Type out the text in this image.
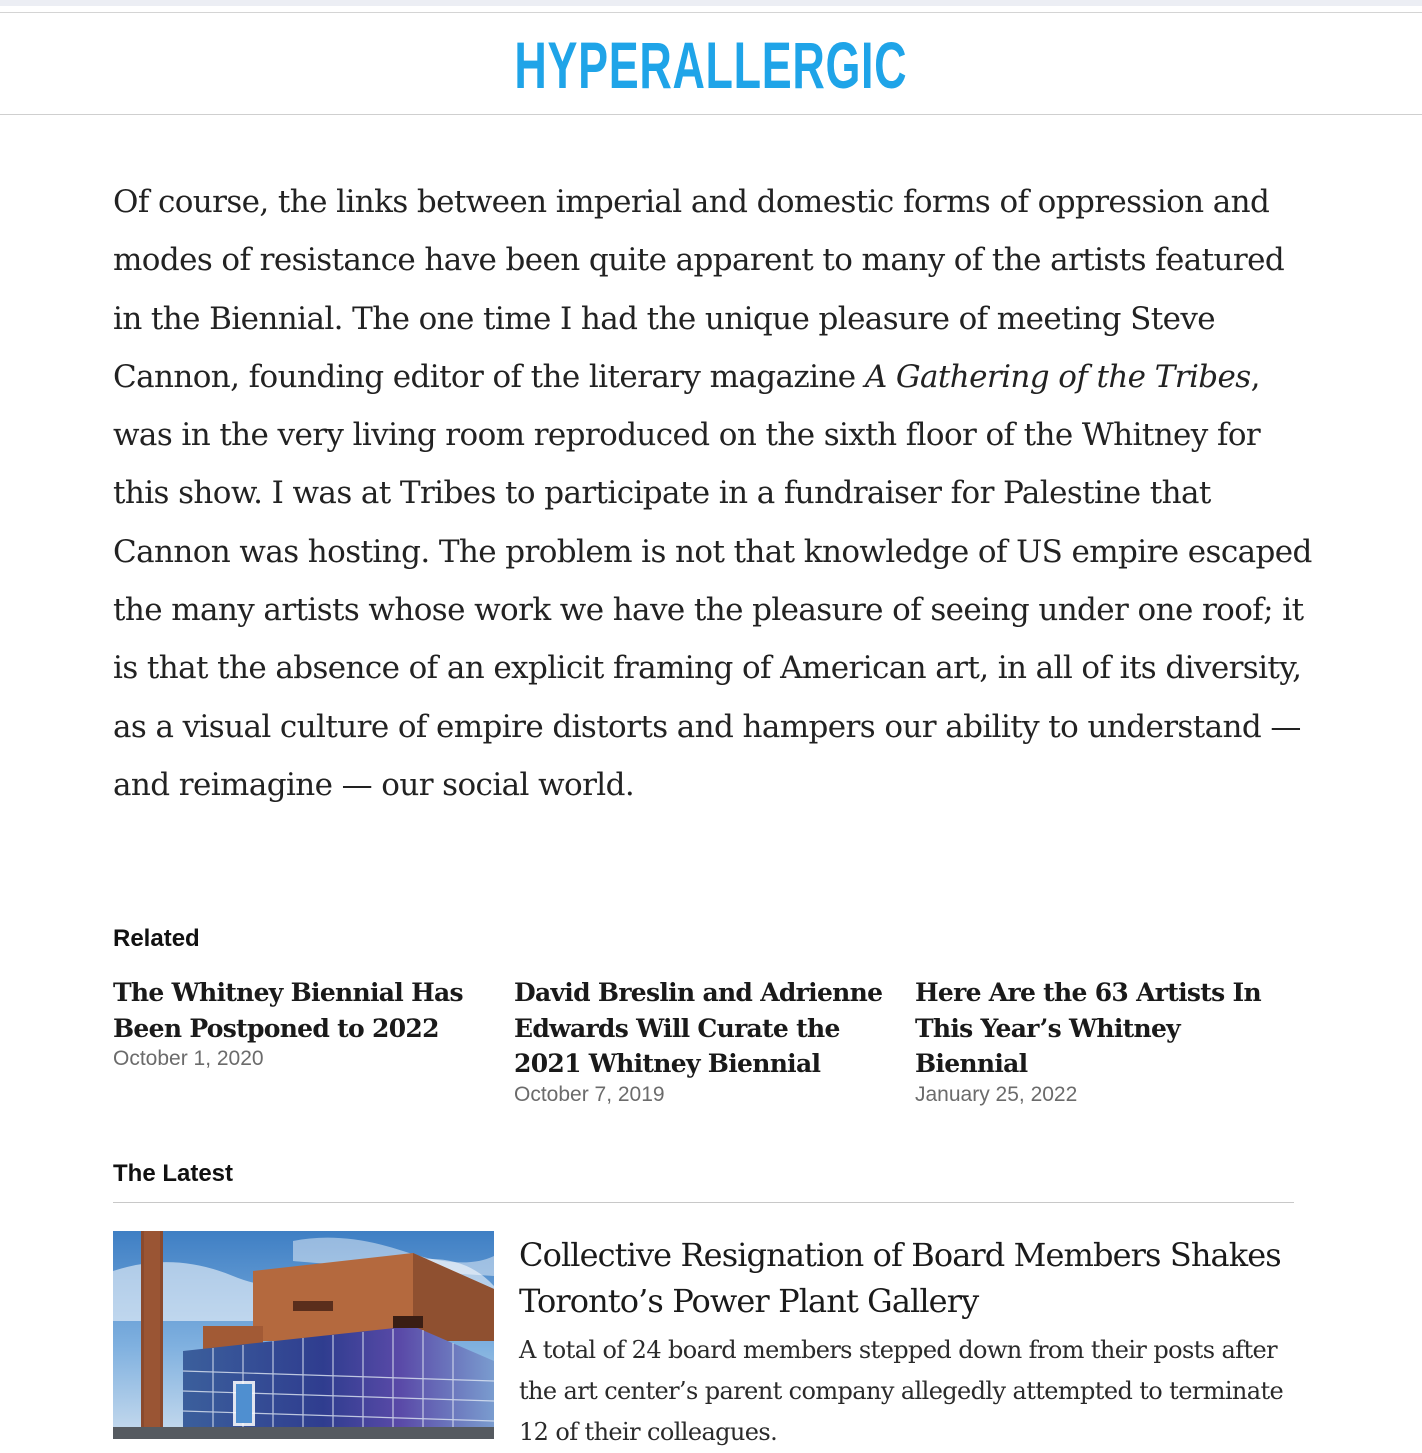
HYPERALLERGIC

Of course, the links between imperial and domestic forms of oppression and modes of resistance have been quite apparent to many of the artists featured in the Biennial. The one time I had the unique pleasure of meeting Steve Cannon, founding editor of the literary magazine A Gathering of the Tribes, was in the very living room reproduced on the sixth floor of the Whitney for this show. I was at Tribes to participate in a fundraiser for Palestine that Cannon was hosting. The problem is not that knowledge of US empire escaped the many artists whose work we have the pleasure of seeing under one roof; it is that the absence of an explicit framing of American art, in all of its diversity, as a visual culture of empire distorts and hampers our ability to understand — and reimagine — our social world.

Related
The Whitney Biennial Has Been Postponed to 2022
October 1, 2020
David Breslin and Adrienne Edwards Will Curate the 2021 Whitney Biennial
October 7, 2019
Here Are the 63 Artists In This Year’s Whitney Biennial
January 25, 2022
The Latest
Collective Resignation of Board Members Shakes Toronto’s Power Plant Gallery
A total of 24 board members stepped down from their posts after the art center’s parent company allegedly attempted to terminate 12 of their colleagues.
